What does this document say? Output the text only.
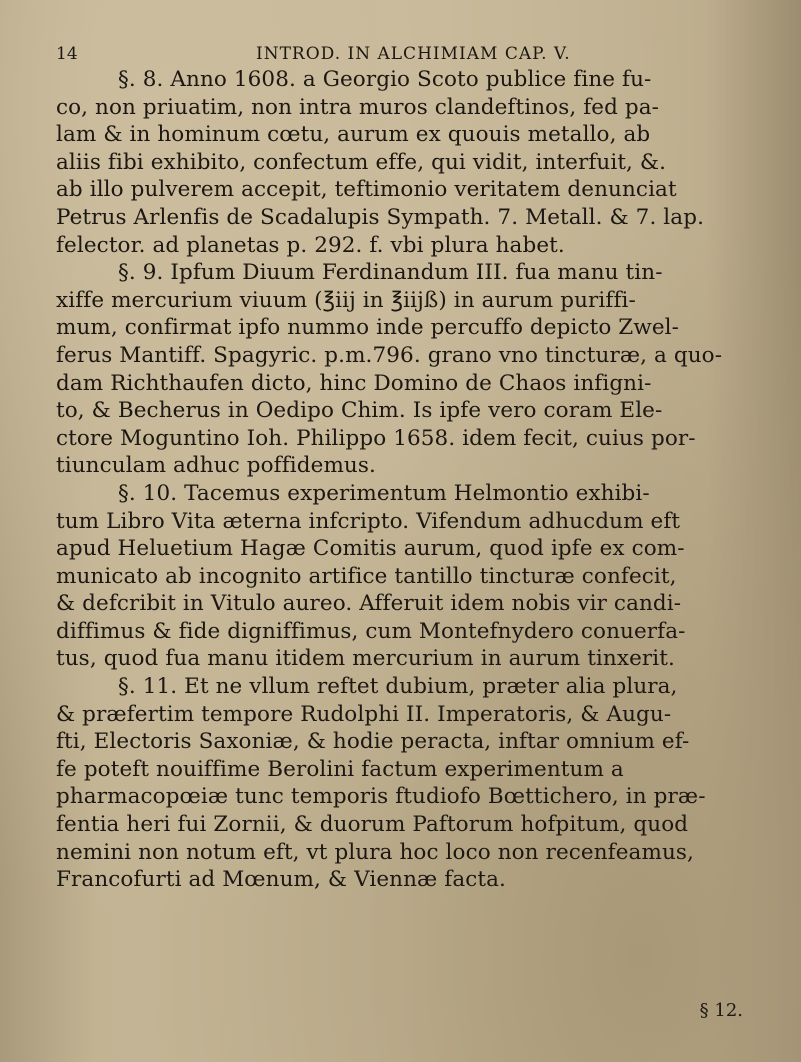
14	INTROD. IN ALCHIMIAM CAP. V.
§. 8. Anno 1608. a Georgio Scoto publice fine fu-
co, non priuatim, non intra muros clandeftinos, fed pa-
lam & in hominum cœtu, aurum ex quouis metallo, ab
aliis fibi exhibito, confectum effe, qui vidit, interfuit, &.
ab illo pulverem accepit, teftimonio veritatem denunciat
Petrus Arlenfis de Scadalupis Sympath. 7. Metall. & 7. lap.
felector. ad planetas p. 292. f. vbi plura habet.
§. 9. Ipfum Diuum Ferdinandum III. fua manu tin-
xiffe mercurium viuum (℥iij in ℥iijß) in aurum puriffi-
mum, confirmat ipfo nummo inde percuffo depicto Zwel-
ferus Mantiff. Spagyric. p.m.796. grano vno tincturæ, a quo-
dam Richthaufen dicto, hinc Domino de Chaos infigni-
to, & Becherus in Oedipo Chim. Is ipfe vero coram Ele-
ctore Moguntino Ioh. Philippo 1658. idem fecit, cuius por-
tiunculam adhuc poffidemus.
§. 10. Tacemus experimentum Helmontio exhibi-
tum Libro Vita æterna infcripto. Vifendum adhucdum eft
apud Heluetium Hagæ Comitis aurum, quod ipfe ex com-
municato ab incognito artifice tantillo tincturæ confecit,
& defcribit in Vitulo aureo. Afferuit idem nobis vir candi-
diffimus & fide digniffimus, cum Montefnydero conuerfa-
tus, quod fua manu itidem mercurium in aurum tinxerit.
§. 11. Et ne vllum reftet dubium, præter alia plura,
& præfertim tempore Rudolphi II. Imperatoris, & Augu-
fti, Electoris Saxoniæ, & hodie peracta, inftar omnium ef-
fe poteft nouiffime Berolini factum experimentum a
pharmacopœiæ tunc temporis ftudiofo Bœttichero, in præ-
fentia heri fui Zornii, & duorum Paftorum hofpitum, quod
nemini non notum eft, vt plura hoc loco non recenfeamus,
Francofurti ad Mœnum, & Viennæ facta.
§ 12.
